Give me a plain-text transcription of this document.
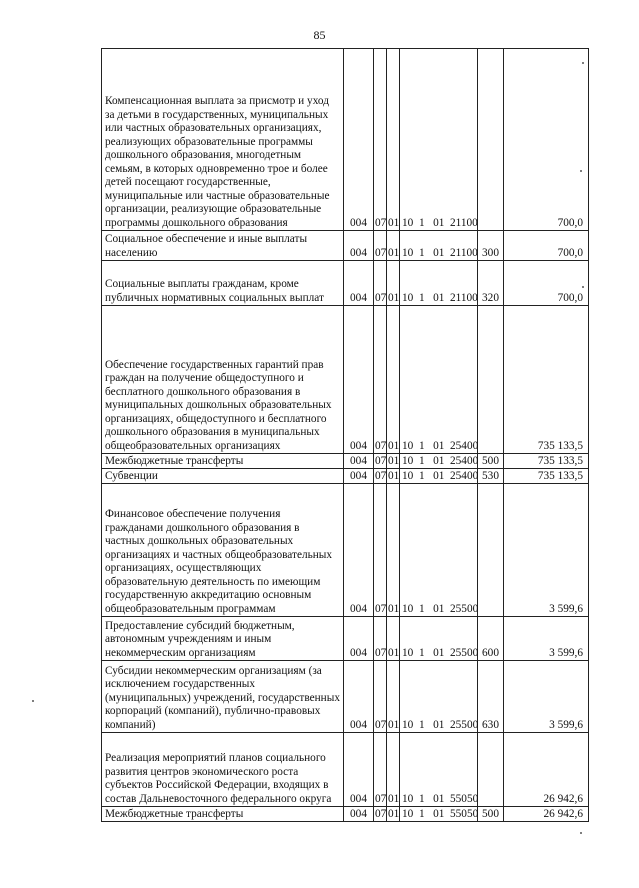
85
Компенсационная выплата за присмотр и уход за детьми в государственных, муниципальных или частных образовательных организациях, реализующих образовательные программы дошкольного образования, многодетным семьям, в которых одновременно трое и более детей посещают государственные, муниципальные или частные образовательные организации, реализующие образовательные программы дошкольного образования	004	07	01	10  1   01  21100		700,0
Социальное обеспечение и иные выплаты населению	004	07	01	10  1   01  21100	300	700,0
Социальные выплаты гражданам, кроме публичных нормативных социальных выплат	004	07	01	10  1   01  21100	320	700,0
Обеспечение государственных гарантий прав граждан на получение общедоступного и бесплатного дошкольного образования в муниципальных дошкольных образовательных организациях, общедоступного и бесплатного дошкольного образования в муниципальных общеобразовательных организациях	004	07	01	10  1   01  25400		735 133,5
Межбюджетные трансферты	004	07	01	10  1   01  25400	500	735 133,5
Субвенции	004	07	01	10  1   01  25400	530	735 133,5
Финансовое обеспечение получения гражданами дошкольного образования в частных дошкольных образовательных организациях и частных общеобразовательных организациях, осуществляющих образовательную деятельность по имеющим государственную аккредитацию основным общеобразовательным программам	004	07	01	10  1   01  25500		3 599,6
Предоставление субсидий бюджетным, автономным учреждениям и иным некоммерческим организациям	004	07	01	10  1   01  25500	600	3 599,6
Субсидии некоммерческим организациям (за исключением государственных (муниципальных) учреждений, государственных корпораций (компаний), публично-правовых компаний)	004	07	01	10  1   01  25500	630	3 599,6
Реализация мероприятий планов социального развития центров экономического роста субъектов Российской Федерации, входящих в состав Дальневосточного федерального округа	004	07	01	10  1   01  55050		26 942,6
Межбюджетные трансферты	004	07	01	10  1   01  55050	500	26 942,6
